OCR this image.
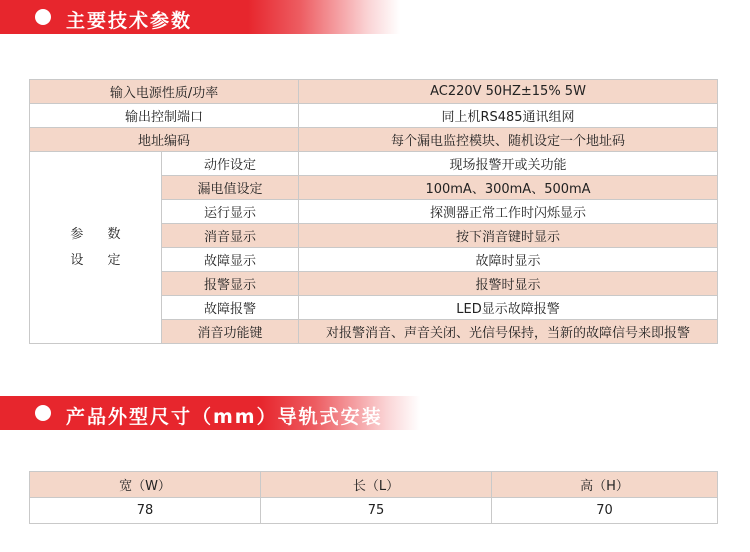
主要技术参数
输入电源性质/功率		AC220V 50HZ±15% 5W
输出控制端口		同上机RS485通讯组网
地址编码		每个漏电监控模块、随机设定一个地址码

参 数
设 定	动作设定	现场报警开或关功能
	漏电值设定	100mA、300mA、500mA
	运行显示	探测器正常工作时闪烁显示
	消音显示	按下消音键时显示
	故障显示	故障时显示
	报警显示	报警时显示
	故障报警	LED显示故障报警
	消音功能键	对报警消音、声音关闭、光信号保持，当新的故障信号来即报警
产品外型尺寸（mm）导轨式安装
宽（W）	长（L）	高（H）
78	75	70
